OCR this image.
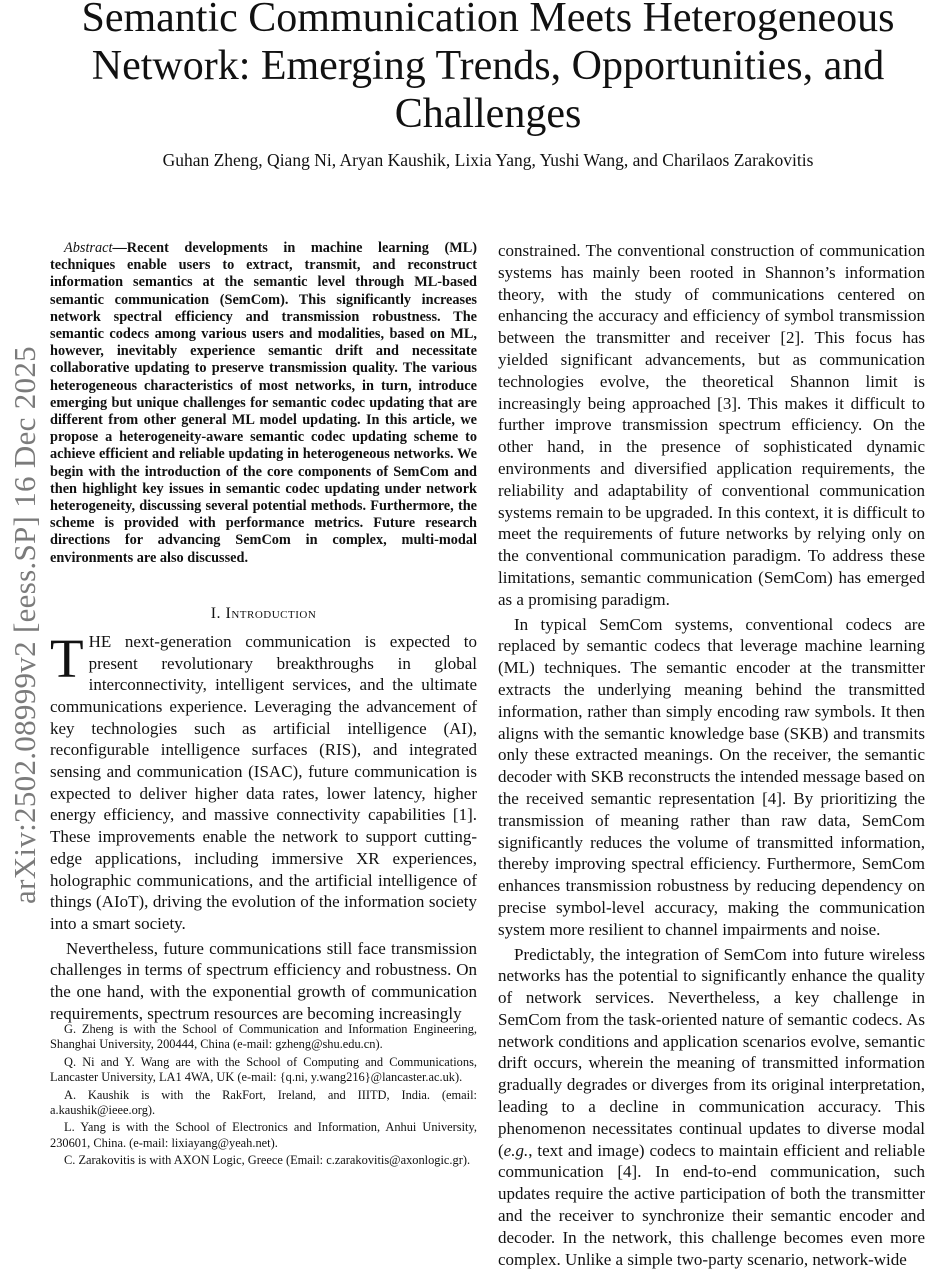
arXiv:2502.08999v2 [eess.SP] 16 Dec 2025
Semantic Communication Meets Heterogeneous Network: Emerging Trends, Opportunities, and Challenges

Guhan Zheng, Qiang Ni, Aryan Kaushik, Lixia Yang, Yushi Wang, and Charilaos Zarakovitis

Abstract—Recent developments in machine learning (ML) techniques enable users to extract, transmit, and reconstruct information semantics at the semantic level through ML-based semantic communication (SemCom). This significantly increases network spectral efficiency and transmission robustness. The semantic codecs among various users and modalities, based on ML, however, inevitably experience semantic drift and necessitate collaborative updating to preserve transmission quality. The various heterogeneous characteristics of most networks, in turn, introduce emerging but unique challenges for semantic codec updating that are different from other general ML model updating. In this article, we propose a heterogeneity-aware semantic codec updating scheme to achieve efficient and reliable updating in heterogeneous networks. We begin with the introduction of the core components of SemCom and then highlight key issues in semantic codec updating under network heterogeneity, discussing several potential methods. Furthermore, the scheme is provided with performance metrics. Future research directions for advancing SemCom in complex, multi-modal environments are also discussed.

I. Introduction

THE next-generation communication is expected to present revolutionary breakthroughs in global interconnectivity, intelligent services, and the ultimate communications experience. Leveraging the advancement of key technologies such as artificial intelligence (AI), reconfigurable intelligence surfaces (RIS), and integrated sensing and communication (ISAC), future communication is expected to deliver higher data rates, lower latency, higher energy efficiency, and massive connectivity capabilities [1]. These improvements enable the network to support cutting-edge applications, including immersive XR experiences, holographic communications, and the artificial intelligence of things (AIoT), driving the evolution of the information society into a smart society.

Nevertheless, future communications still face transmission challenges in terms of spectrum efficiency and robustness. On the one hand, with the exponential growth of communication requirements, spectrum resources are becoming increasingly

G. Zheng is with the School of Communication and Information Engineering, Shanghai University, 200444, China (e-mail: gzheng@shu.edu.cn).

Q. Ni and Y. Wang are with the School of Computing and Communications, Lancaster University, LA1 4WA, UK (e-mail: {q.ni, y.wang216}@lancaster.ac.uk).

A. Kaushik is with the RakFort, Ireland, and IIITD, India. (email: a.kaushik@ieee.org).

L. Yang is with the School of Electronics and Information, Anhui University, 230601, China. (e-mail: lixiayang@yeah.net).

C. Zarakovitis is with AXON Logic, Greece (Email: c.zarakovitis@axonlogic.gr).

constrained. The conventional construction of communication systems has mainly been rooted in Shannon’s information theory, with the study of communications centered on enhancing the accuracy and efficiency of symbol transmission between the transmitter and receiver [2]. This focus has yielded significant advancements, but as communication technologies evolve, the theoretical Shannon limit is increasingly being approached [3]. This makes it difficult to further improve transmission spectrum efficiency. On the other hand, in the presence of sophisticated dynamic environments and diversified application requirements, the reliability and adaptability of conventional communication systems remain to be upgraded. In this context, it is difficult to meet the requirements of future networks by relying only on the conventional communication paradigm. To address these limitations, semantic communication (SemCom) has emerged as a promising paradigm.

In typical SemCom systems, conventional codecs are replaced by semantic codecs that leverage machine learning (ML) techniques. The semantic encoder at the transmitter extracts the underlying meaning behind the transmitted information, rather than simply encoding raw symbols. It then aligns with the semantic knowledge base (SKB) and transmits only these extracted meanings. On the receiver, the semantic decoder with SKB reconstructs the intended message based on the received semantic representation [4]. By prioritizing the transmission of meaning rather than raw data, SemCom significantly reduces the volume of transmitted information, thereby improving spectral efficiency. Furthermore, SemCom enhances transmission robustness by reducing dependency on precise symbol-level accuracy, making the communication system more resilient to channel impairments and noise.

Predictably, the integration of SemCom into future wireless networks has the potential to significantly enhance the quality of network services. Nevertheless, a key challenge in SemCom from the task-oriented nature of semantic codecs. As network conditions and application scenarios evolve, semantic drift occurs, wherein the meaning of transmitted information gradually degrades or diverges from its original interpretation, leading to a decline in communication accuracy. This phenomenon necessitates continual updates to diverse modal (e.g., text and image) codecs to maintain efficient and reliable communication [4]. In end-to-end communication, such updates require the active participation of both the transmitter and the receiver to synchronize their semantic encoder and decoder. In the network, this challenge becomes even more complex. Unlike a simple two-party scenario, network-wide
